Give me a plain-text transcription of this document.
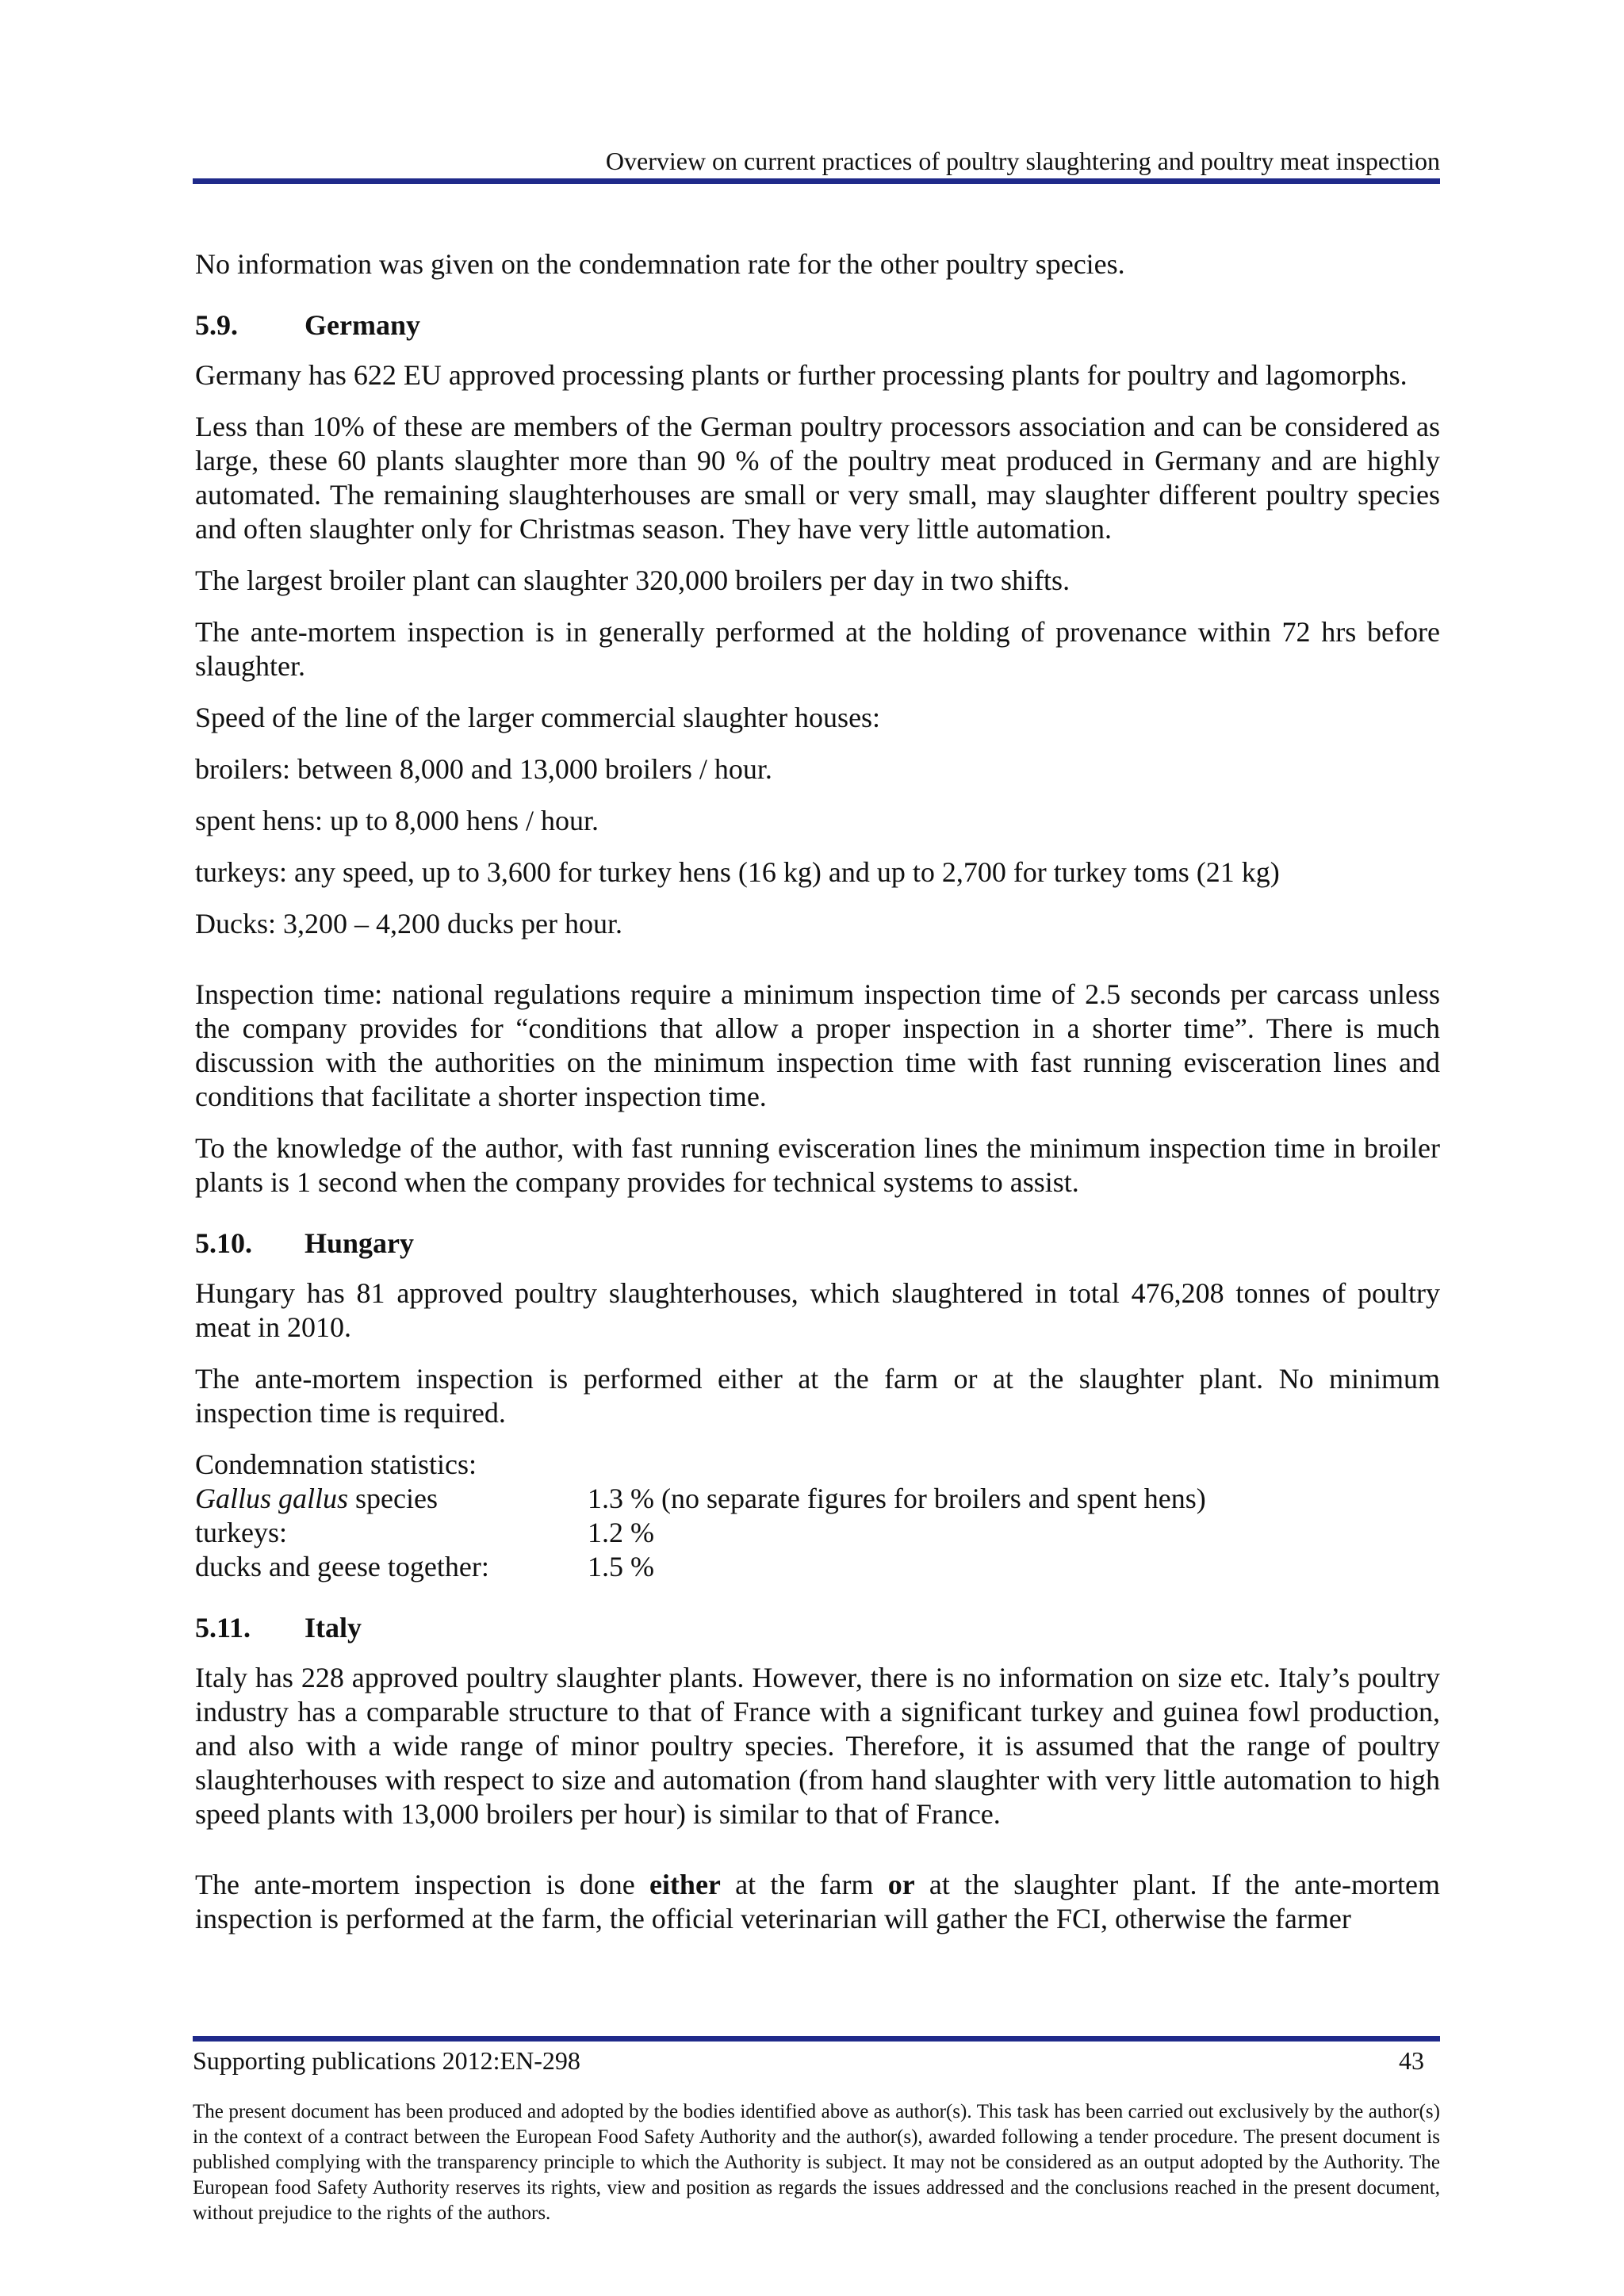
Overview on current practices of poultry slaughtering and poultry meat inspection

No information was given on the condemnation rate for the other poultry species.

5.9. Germany

Germany has 622 EU approved processing plants or further processing plants for poultry and lagomorphs.

Less than 10% of these are members of the German poultry processors association and can be considered as large, these 60 plants slaughter more than 90 % of the poultry meat produced in Germany and are highly automated. The remaining slaughterhouses are small or very small, may slaughter different poultry species and often slaughter only for Christmas season. They have very little automation.

The largest broiler plant can slaughter 320,000 broilers per day in two shifts.

The ante-mortem inspection is in generally performed at the holding of provenance within 72 hrs before slaughter.

Speed of the line of the larger commercial slaughter houses:

broilers: between 8,000 and 13,000 broilers / hour.

spent hens: up to 8,000 hens / hour.

turkeys: any speed, up to 3,600 for turkey hens (16 kg) and up to 2,700 for turkey toms (21 kg)

Ducks: 3,200 – 4,200 ducks per hour.

Inspection time: national regulations require a minimum inspection time of 2.5 seconds per carcass unless the company provides for “conditions that allow a proper inspection in a shorter time”. There is much discussion with the authorities on the minimum inspection time with fast running evisceration lines and conditions that facilitate a shorter inspection time.

To the knowledge of the author, with fast running evisceration lines the minimum inspection time in broiler plants is 1 second when the company provides for technical systems to assist.

5.10. Hungary

Hungary has 81 approved poultry slaughterhouses, which slaughtered in total 476,208 tonnes of poultry meat in 2010.

The ante-mortem inspection is performed either at the farm or at the slaughter plant. No minimum inspection time is required.

Condemnation statistics:
Gallus gallus species	1.3 % (no separate figures for broilers and spent hens)
turkeys:	1.2 %
ducks and geese together:	1.5 %
5.11. Italy

Italy has 228 approved poultry slaughter plants. However, there is no information on size etc. Italy’s poultry industry has a comparable structure to that of France with a significant turkey and guinea fowl production, and also with a wide range of minor poultry species. Therefore, it is assumed that the range of poultry slaughterhouses with respect to size and automation (from hand slaughter with very little automation to high speed plants with 13,000 broilers per hour) is similar to that of France.

The ante-mortem inspection is done either at the farm or at the slaughter plant. If the ante-mortem inspection is performed at the farm, the official veterinarian will gather the FCI, otherwise the farmer

Supporting publications 2012:EN-298	43
The present document has been produced and adopted by the bodies identified above as author(s). This task has been carried out exclusively by the author(s) in the context of a contract between the European Food Safety Authority and the author(s), awarded following a tender procedure. The present document is published complying with the transparency principle to which the Authority is subject. It may not be considered as an output adopted by the Authority. The European food Safety Authority reserves its rights, view and position as regards the issues addressed and the conclusions reached in the present document, without prejudice to the rights of the authors.
